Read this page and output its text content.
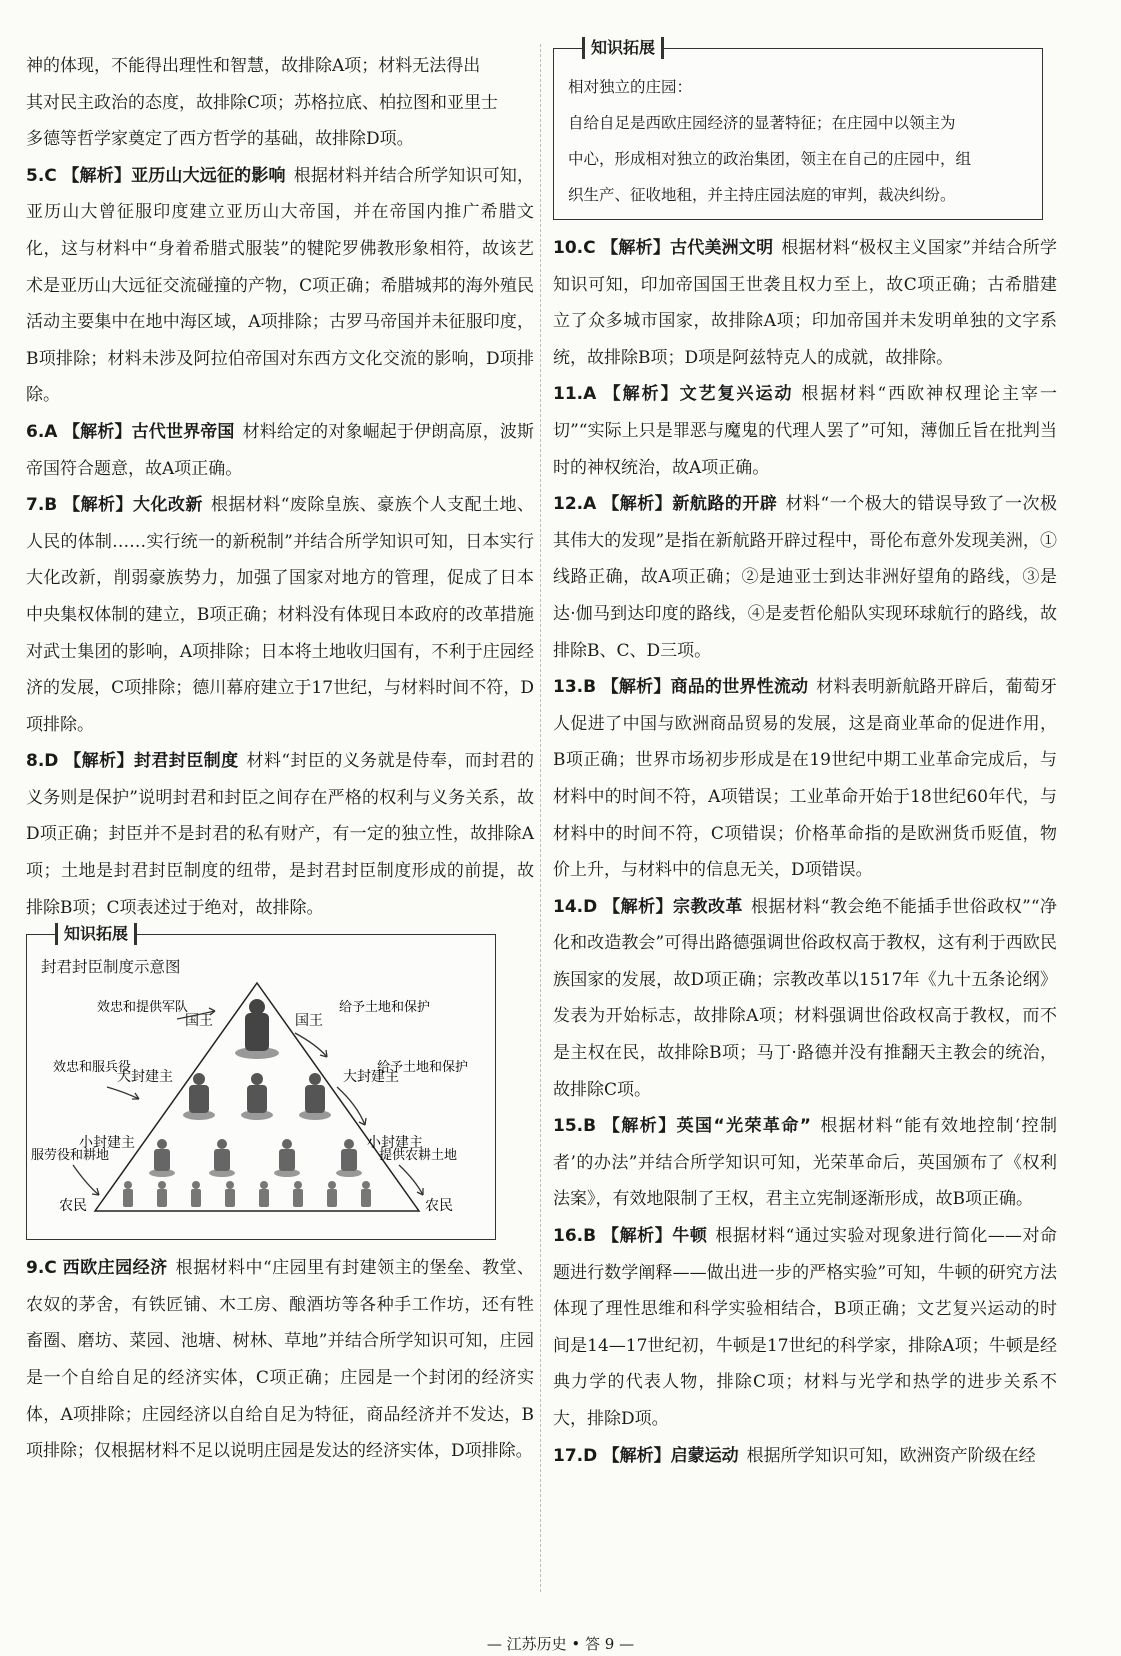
神的体现，不能得出理性和智慧，故排除A项；材料无法得出
其对民主政治的态度，故排除C项；苏格拉底、柏拉图和亚里士
多德等哲学家奠定了西方哲学的基础，故排除D项。

5.C 【解析】亚历山大远征的影响 根据材料并结合所学知识可知，亚历山大曾征服印度建立亚历山大帝国，并在帝国内推广希腊文化，这与材料中“身着希腊式服装”的犍陀罗佛教形象相符，故该艺术是亚历山大远征交流碰撞的产物，C项正确；希腊城邦的海外殖民活动主要集中在地中海区域，A项排除；古罗马帝国并未征服印度，B项排除；材料未涉及阿拉伯帝国对东西方文化交流的影响，D项排除。

6.A 【解析】古代世界帝国 材料给定的对象崛起于伊朗高原，波斯帝国符合题意，故A项正确。

7.B 【解析】大化改新 根据材料“废除皇族、豪族个人支配土地、人民的体制……实行统一的新税制”并结合所学知识可知，日本实行大化改新，削弱豪族势力，加强了国家对地方的管理，促成了日本中央集权体制的建立，B项正确；材料没有体现日本政府的改革措施对武士集团的影响，A项排除；日本将土地收归国有，不利于庄园经济的发展，C项排除；德川幕府建立于17世纪，与材料时间不符，D项排除。

8.D 【解析】封君封臣制度 材料“封臣的义务就是侍奉，而封君的义务则是保护”说明封君和封臣之间存在严格的权利与义务关系，故D项正确；封臣并不是封君的私有财产，有一定的独立性，故排除A项；土地是封君封臣制度的纽带，是封君封臣制度形成的前提，故排除B项；C项表述过于绝对，故排除。

知识拓展
封君封臣制度示意图
国王	国王
大封建主	大封建主
小封建主	小封建主
农民	农民
效忠和提供军队
效忠和服兵役
服劳役和耕地
给予土地和保护
给予土地和保护
提供农耕土地

9.C 西欧庄园经济 根据材料中“庄园里有封建领主的堡垒、教堂、农奴的茅舍，有铁匠铺、木工房、酿酒坊等各种手工作坊，还有牲畜圈、磨坊、菜园、池塘、树林、草地”并结合所学知识可知，庄园是一个自给自足的经济实体，C项正确；庄园是一个封闭的经济实体，A项排除；庄园经济以自给自足为特征，商品经济并不发达，B项排除；仅根据材料不足以说明庄园是发达的经济实体，D项排除。

知识拓展
相对独立的庄园：
自给自足是西欧庄园经济的显著特征；在庄园中以领主为
中心，形成相对独立的政治集团，领主在自己的庄园中，组
织生产、征收地租，并主持庄园法庭的审判，裁决纠纷。

10.C 【解析】古代美洲文明 根据材料“极权主义国家”并结合所学知识可知，印加帝国国王世袭且权力至上，故C项正确；古希腊建立了众多城市国家，故排除A项；印加帝国并未发明单独的文字系统，故排除B项；D项是阿兹特克人的成就，故排除。

11.A 【解析】文艺复兴运动 根据材料“西欧神权理论主宰一切”“实际上只是罪恶与魔鬼的代理人罢了”可知，薄伽丘旨在批判当时的神权统治，故A项正确。

12.A 【解析】新航路的开辟 材料“一个极大的错误导致了一次极其伟大的发现”是指在新航路开辟过程中，哥伦布意外发现美洲，①线路正确，故A项正确；②是迪亚士到达非洲好望角的路线，③是达·伽马到达印度的路线，④是麦哲伦船队实现环球航行的路线，故排除B、C、D三项。

13.B 【解析】商品的世界性流动 材料表明新航路开辟后，葡萄牙人促进了中国与欧洲商品贸易的发展，这是商业革命的促进作用，B项正确；世界市场初步形成是在19世纪中期工业革命完成后，与材料中的时间不符，A项错误；工业革命开始于18世纪60年代，与材料中的时间不符，C项错误；价格革命指的是欧洲货币贬值，物价上升，与材料中的信息无关，D项错误。

14.D 【解析】宗教改革 根据材料“教会绝不能插手世俗政权”“净化和改造教会”可得出路德强调世俗政权高于教权，这有利于西欧民族国家的发展，故D项正确；宗教改革以1517年《九十五条论纲》发表为开始标志，故排除A项；材料强调世俗政权高于教权，而不是主权在民，故排除B项；马丁·路德并没有推翻天主教会的统治，故排除C项。

15.B 【解析】英国“光荣革命” 根据材料“能有效地控制‘控制者’的办法”并结合所学知识可知，光荣革命后，英国颁布了《权利法案》，有效地限制了王权，君主立宪制逐渐形成，故B项正确。

16.B 【解析】牛顿 根据材料“通过实验对现象进行简化——对命题进行数学阐释——做出进一步的严格实验”可知，牛顿的研究方法体现了理性思维和科学实验相结合，B项正确；文艺复兴运动的时间是14—17世纪初，牛顿是17世纪的科学家，排除A项；牛顿是经典力学的代表人物，排除C项；材料与光学和热学的进步关系不大，排除D项。

17.D 【解析】启蒙运动 根据所学知识可知，欧洲资产阶级在经

— 江苏历史 • 答 9 —
